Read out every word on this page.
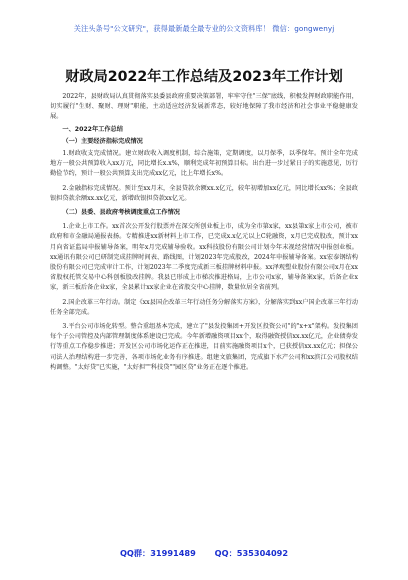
关注头条号"公文研究"，获得最新最全最专业的公文资料库！ 微信：gongwenyj
财政局2022年工作总结及2023年工作计划

2022年，县财政局认真贯彻落实县委县政府重要决策部署，牢牢守住"三保"底线，积极发挥财政职能作用，切实履行"生财、聚财、理财"职能，主动适应经济发展新常态，较好地保障了我市经济和社会事业平稳健康发展。

一、2022年工作总结

（一）主要经济指标完成情况

1.财政收支完成情况。建立财政收入调度机制，综合施策，定期调度，以月保季，以季保年。预计全年完成地方一般公共预算收入xx万元，同比增长x.x%，顺利完成年初预算目标。出台进一步过紧日子的实施意见，厉行勤俭节约，预计一般公共预算支出完成xx亿元，比上年增长x%。

2.金融指标完成情况。预计至xx月末，全县贷款余额xx.x亿元，较年初增加xx亿元，同比增长xx%；全县政银担贷款余额xx.xx亿元，新增政银担贷款xx亿元。

（二）县委、县政府考核调度重点工作情况

1.企业上市工作。xx首次公开发行股票并在深交所创业板上市，成为全市第x家，xx县第x家上市公司，被市政府和市金融局通报表扬。专精推进xx新材料上市工作，已完成x.x亿元以上C轮融资，x月已完成股改，预计xx月向省证监局申报辅导备案，明年x月完成辅导验收。xx科技股份有限公司计划今年末视经营情况申报创业板。xx通讯有限公司已研制完成挂牌时间表、路线图，计划2023年完成股改，2024年申报辅导备案。xx宏泰钢结构股份有限公司已完成审计工作，计划2023年二季度完成新三板挂牌材料申报。xx泽观塑业股份有限公司x月在xx省股权托管交易中心科创板股改挂牌。我县已形成上市梯次推进格局，上市公司x家，辅导备案x家，后备企业x家，新三板后备企业x家，全县累计xx家企业在省股交中心挂牌，数量位居全省前列。

2.国企改革三年行动。制定《xx县国企改革三年行动任务分解落实方案》，分解落实到xx户国企改革三年行动任务全部完成。

3.平台公司市场化转型。整合重组基本完成，建立了"县发投集团+开发区投资公司"的"x+x"架构。发投集团每个子公司管控及内部管理制度体系建设已完成。今年新增融资项目xx个，取得融资授信xx.xx亿元，企业债券发行等重点工作稳步推进；开发区公司市场化运作正在推进，目前实施融资项目x个，已获授信xx.xx亿元；担保公司法人治理结构进一步完善，各项市场化业务有序推进。组建文旅集团，完成旗下水产公司和xx滨江公司股权结构调整。"太好贷"已实施，"太好担""科技贷""园区贷"业务正在逐个推进。

QQ群：31991489 QQ：535304092
